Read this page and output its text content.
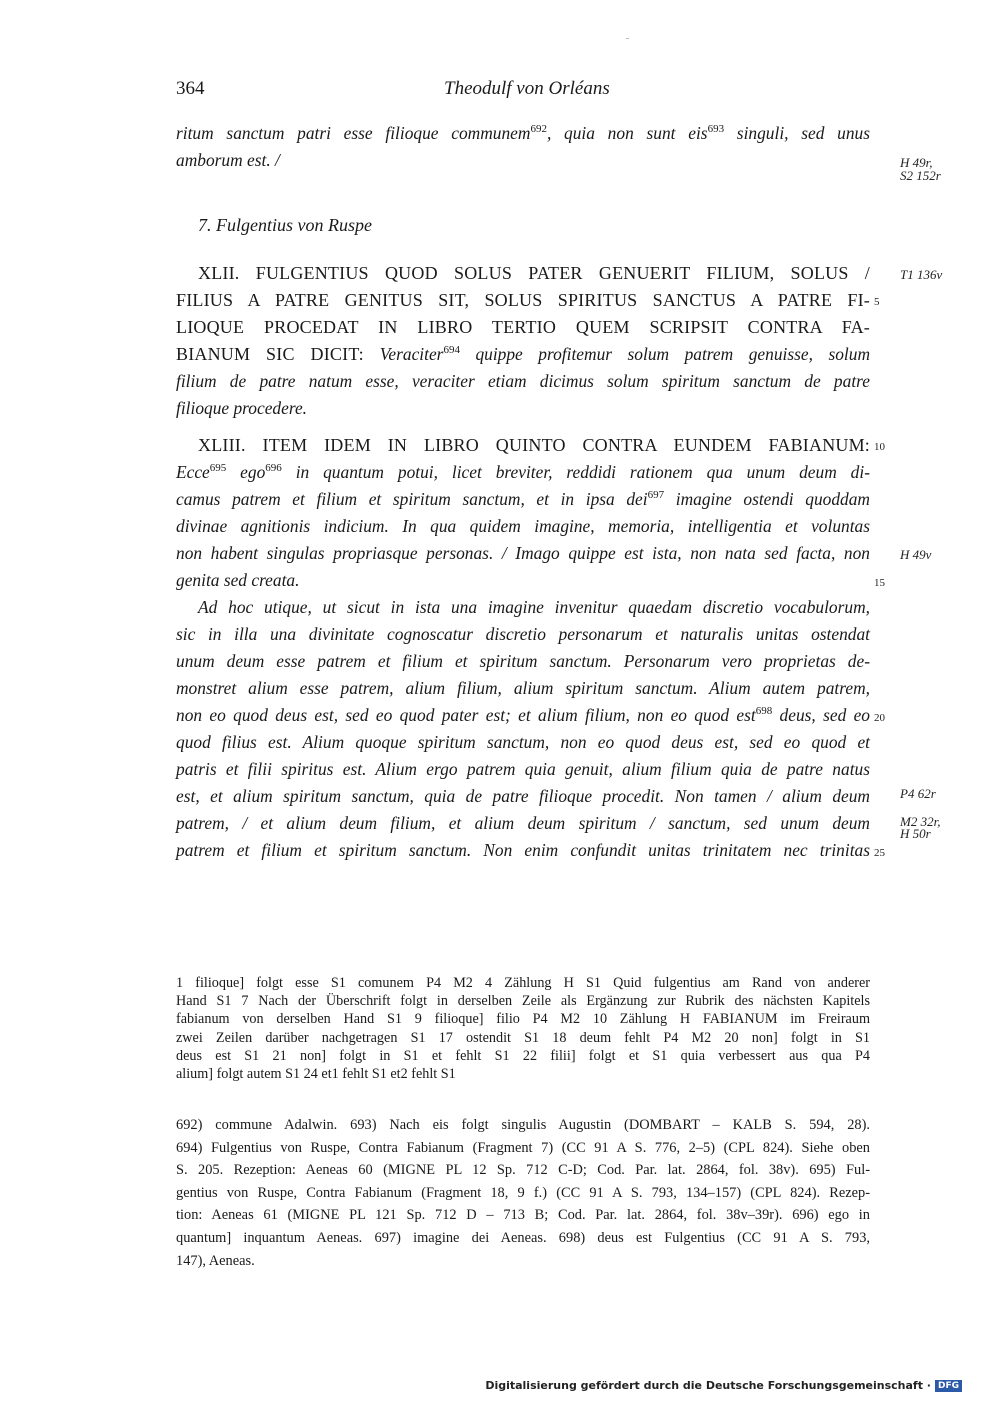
364	Theodulf von Orléans
ritum sanctum patri esse filioque communem$^{692}$, quia non sunt eis$^{693}$ singuli, sed unus
amborum est. /	H 49r,
S2 152r
7. Fulgentius von Ruspe
XLII. FULGENTIUS QUOD SOLUS PATER GENUERIT FILIUM, SOLUS /
FILIUS A PATRE GENITUS SIT, SOLUS SPIRITUS SANCTUS A PATRE FI-
LIOQUE PROCEDAT IN LIBRO TERTIO QUEM SCRIPSIT CONTRA FA-
BIANUM SIC DICIT: Veraciter$^{694}$ quippe profitemur solum patrem genuisse, solum
filium de patre natum esse, veraciter etiam dicimus solum spiritum sanctum de patre
filioque procedere.
T1 136v
5
XLIII. ITEM IDEM IN LIBRO QUINTO CONTRA EUNDEM FABIANUM: 10
Ecce$^{695}$ ego$^{696}$ in quantum potui, licet breviter, reddidi rationem qua unum deum di-
camus patrem et filium et spiritum sanctum, et in ipsa dei$^{697}$ imagine ostendi quoddam
divinae agnitionis indicium. In qua quidem imagine, memoria, intelligentia et voluntas
non habent singulas propriasque personas. / Imago quippe est ista, non nata sed facta, non H 49v
genita sed creata.	15
Ad hoc utique, ut sicut in ista una imagine invenitur quaedam discretio vocabulorum,
sic in illa una divinitate cognoscatur discretio personarum et naturalis unitas ostendat
unum deum esse patrem et filium et spiritum sanctum. Personarum vero proprietas de-
monstret alium esse patrem, alium filium, alium spiritum sanctum. Alium autem patrem,
non eo quod deus est, sed eo quod pater est; et alium filium, non eo quod est$^{698}$ deus, sed eo 20
quod filius est. Alium quoque spiritum sanctum, non eo quod deus est, sed eo quod et
patris et filii spiritus est. Alium ergo patrem quia genuit, alium filium quia de patre natus
est, et alium spiritum sanctum, quia de patre filioque procedit. Non tamen / alium deum P4 62r
patrem, / et alium deum filium, et alium deum spiritum / sanctum, sed unum deum M2 32r,
H 50r
patrem et filium et spiritum sanctum. Non enim confundit unitas trinitatem nec trinitas 25
1 filioque] folgt esse S1 comunem P4 M2 4 Zählung H S1 Quid fulgentius am Rand von anderer
Hand S1 7 Nach der Überschrift folgt in derselben Zeile als Ergänzung zur Rubrik des nächsten Kapitels
fabianum von derselben Hand S1 9 filioque] filio P4 M2 10 Zählung H FABIANUM im Freiraum
zwei Zeilen darüber nachgetragen S1 17 ostendit S1 18 deum fehlt P4 M2 20 non] folgt in S1
deus est S1 21 non] folgt in S1 et fehlt S1 22 filii] folgt et S1 quia verbessert aus qua P4
alium] folgt autem S1 24 et1 fehlt S1 et2 fehlt S1
692) commune Adalwin. 693) Nach eis folgt singulis Augustin (DOMBART – KALB S. 594, 28).
694) Fulgentius von Ruspe, Contra Fabianum (Fragment 7) (CC 91 A S. 776, 2–5) (CPL 824). Siehe oben
S. 205. Rezeption: Aeneas 60 (MIGNE PL 12 Sp. 712 C-D; Cod. Par. lat. 2864, fol. 38v). 695) Ful-
gentius von Ruspe, Contra Fabianum (Fragment 18, 9 f.) (CC 91 A S. 793, 134–157) (CPL 824). Rezep-
tion: Aeneas 61 (MIGNE PL 121 Sp. 712 D – 713 B; Cod. Par. lat. 2864, fol. 38v–39r). 696) ego in
quantum] inquantum Aeneas. 697) imagine dei Aeneas. 698) deus est Fulgentius (CC 91 A S. 793,
147), Aeneas.
Digitalisierung gefördert durch die Deutsche Forschungsgemeinschaft · DFG
